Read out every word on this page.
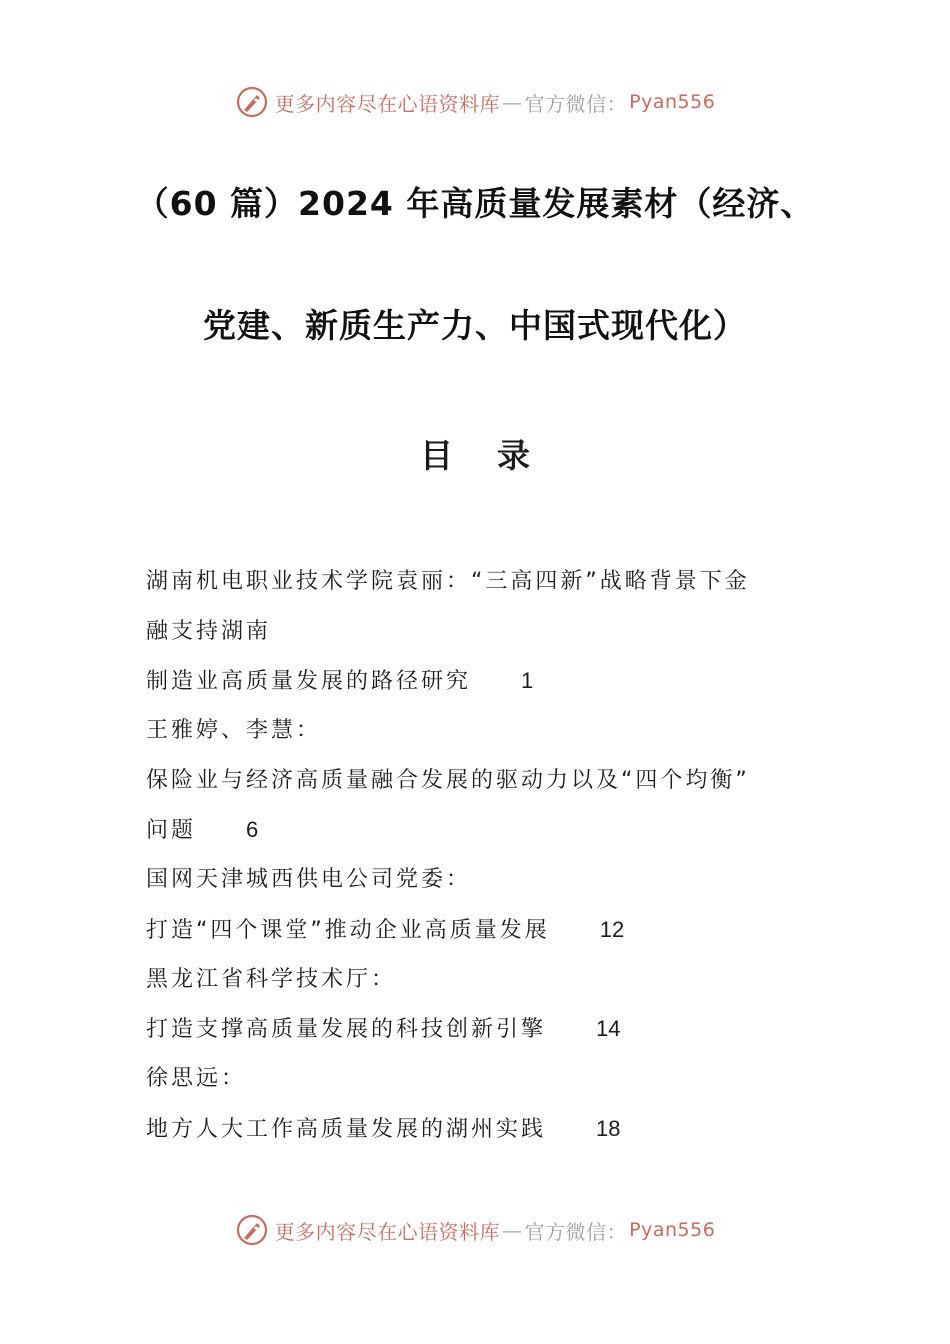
更多内容尽在心语资料库 — 官方微信： Pyan556
（60 篇）2024 年高质量发展素材（经济、
党建、新质生产力、中国式现代化）
目录
湖南机电职业技术学院袁丽：“三高四新”战略背景下金
融支持湖南
制造业高质量发展的路径研究 1
王雅婷、李慧：
保险业与经济高质量融合发展的驱动力以及“四个均衡”
问题 6
国网天津城西供电公司党委：
打造“四个课堂”推动企业高质量发展 12
黑龙江省科学技术厅：
打造支撑高质量发展的科技创新引擎 14
徐思远：
地方人大工作高质量发展的湖州实践 18
更多内容尽在心语资料库 — 官方微信： Pyan556
